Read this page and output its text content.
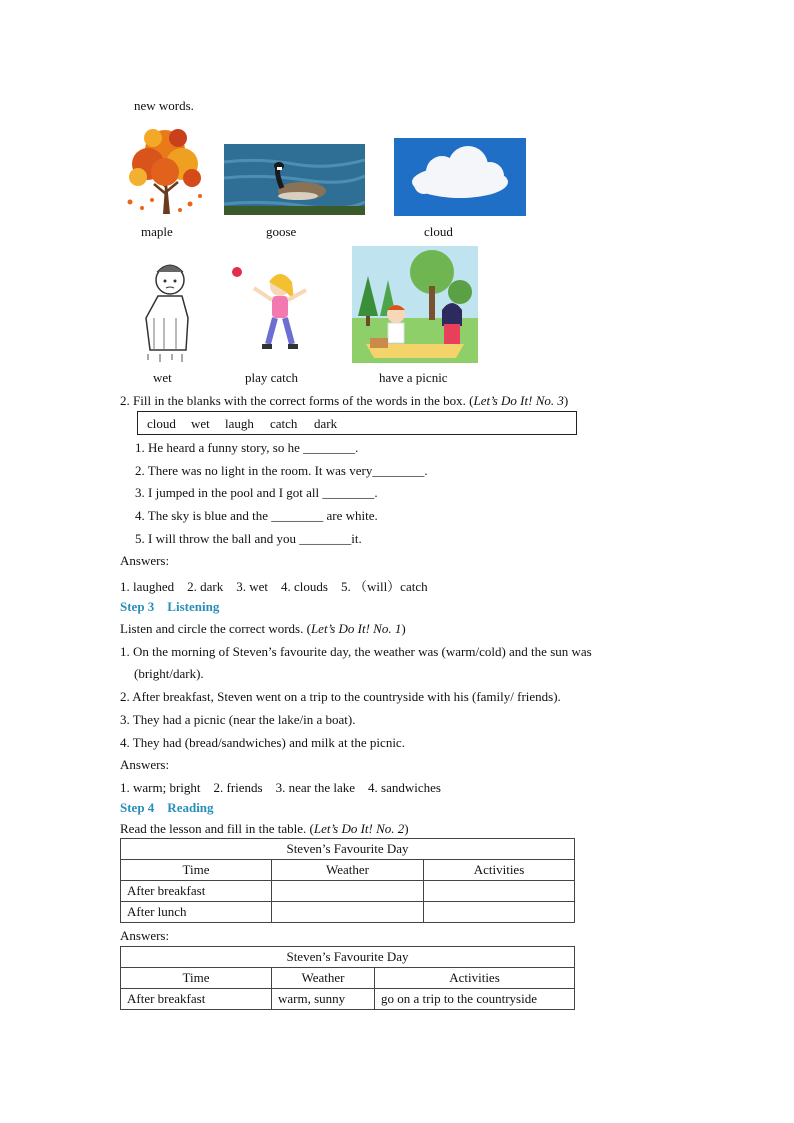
new words.
maple	goose	cloud
wet	play catch	have a picnic
2. Fill in the blanks with the correct forms of the words in the box. (Let’s Do It! No. 3)
cloud wet laugh catch dark
1. He heard a funny story, so he ________.
2. There was no light in the room. It was very________.
3. I jumped in the pool and I got all ________.
4. The sky is blue and the ________ are white.
5. I will throw the ball and you ________it.
Answers:
1. laughed    2. dark    3. wet    4. clouds    5. （will）catch
Step 3    Listening
Listen and circle the correct words. (Let’s Do It! No. 1)
1. On the morning of Steven’s favourite day, the weather was (warm/cold) and the sun was
(bright/dark).
2. After breakfast, Steven went on a trip to the countryside with his (family/ friends).
3. They had a picnic (near the lake/in a boat).
4. They had (bread/sandwiches) and milk at the picnic.
Answers:
1. warm; bright    2. friends    3. near the lake    4. sandwiches
Step 4    Reading
Read the lesson and fill in the table. (Let’s Do It! No. 2)
Steven’s Favourite Day		
Time	Weather	Activities
After breakfast		
After lunch		
Answers:
Steven’s Favourite Day		
Time	Weather	Activities
After breakfast	warm, sunny	go on a trip to the countryside
